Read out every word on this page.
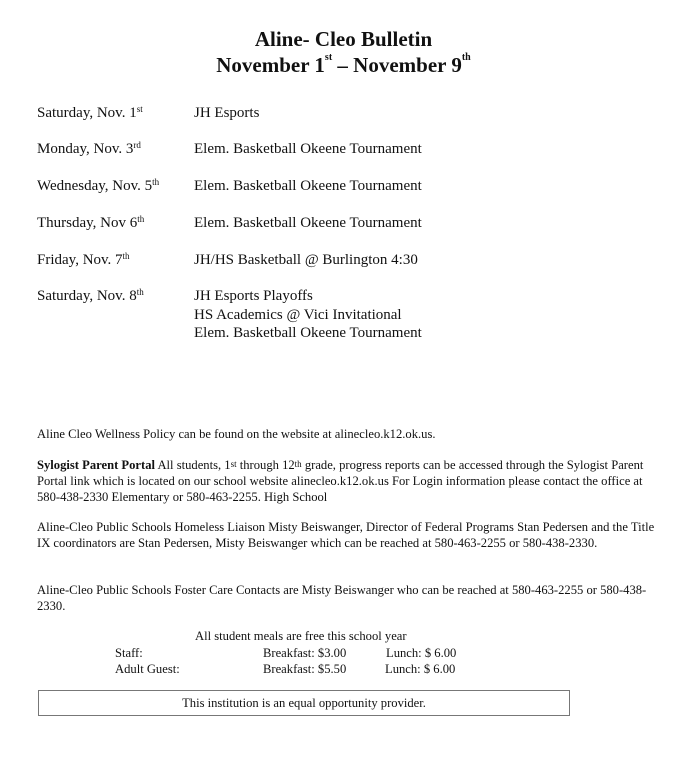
Aline- Cleo Bulletin
November 1st – November 9th
Saturday, Nov. 1st	JH Esports
Monday, Nov. 3rd	Elem. Basketball Okeene Tournament
Wednesday, Nov. 5th Elem. Basketball Okeene Tournament
Thursday, Nov 6th	Elem. Basketball Okeene Tournament
Friday, Nov. 7th	JH/HS Basketball @ Burlington 4:30
Saturday, Nov. 8th	JH Esports Playoffs
HS Academics @ Vici Invitational
Elem. Basketball Okeene Tournament
Aline Cleo Wellness Policy can be found on the website at alinecleo.k12.ok.us.
Sylogist Parent Portal All students, 1st through 12th grade, progress reports can be accessed through the Sylogist Parent Portal link which is located on our school website alinecleo.k12.ok.us For Login information please contact the office at 580-438-2330 Elementary or 580-463-2255. High School
Aline-Cleo Public Schools Homeless Liaison Misty Beiswanger, Director of Federal Programs Stan Pedersen and the Title IX coordinators are Stan Pedersen, Misty Beiswanger which can be reached at 580-463-2255 or 580-438-2330.
Aline-Cleo Public Schools Foster Care Contacts are Misty Beiswanger who can be reached at 580-463-2255 or 580-438-2330.
All student meals are free this school year
Staff:	Breakfast: $3.00	Lunch: $ 6.00
Adult Guest:	Breakfast: $5.50	Lunch: $ 6.00
This institution is an equal opportunity provider.
